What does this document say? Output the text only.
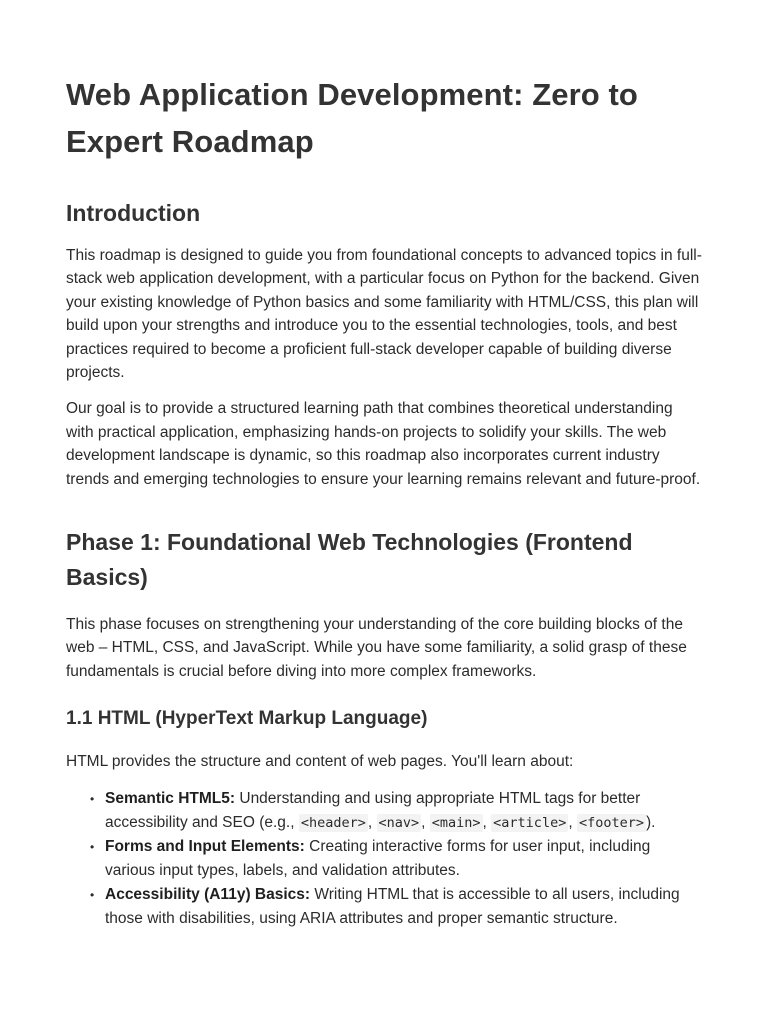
Web Application Development: Zero to Expert Roadmap
Introduction

This roadmap is designed to guide you from foundational concepts to advanced topics in full-stack web application development, with a particular focus on Python for the backend. Given your existing knowledge of Python basics and some familiarity with HTML/CSS, this plan will build upon your strengths and introduce you to the essential technologies, tools, and best practices required to become a proficient full-stack developer capable of building diverse projects.

Our goal is to provide a structured learning path that combines theoretical understanding with practical application, emphasizing hands-on projects to solidify your skills. The web development landscape is dynamic, so this roadmap also incorporates current industry trends and emerging technologies to ensure your learning remains relevant and future-proof.

Phase 1: Foundational Web Technologies (Frontend Basics)

This phase focuses on strengthening your understanding of the core building blocks of the web – HTML, CSS, and JavaScript. While you have some familiarity, a solid grasp of these fundamentals is crucial before diving into more complex frameworks.

1.1 HTML (HyperText Markup Language)

HTML provides the structure and content of web pages. You'll learn about:

• Semantic HTML5: Understanding and using appropriate HTML tags for better accessibility and SEO (e.g., <header> , <nav> , <main> , <article> , <footer> ).
• Forms and Input Elements: Creating interactive forms for user input, including various input types, labels, and validation attributes.
• Accessibility (A11y) Basics: Writing HTML that is accessible to all users, including those with disabilities, using ARIA attributes and proper semantic structure.
